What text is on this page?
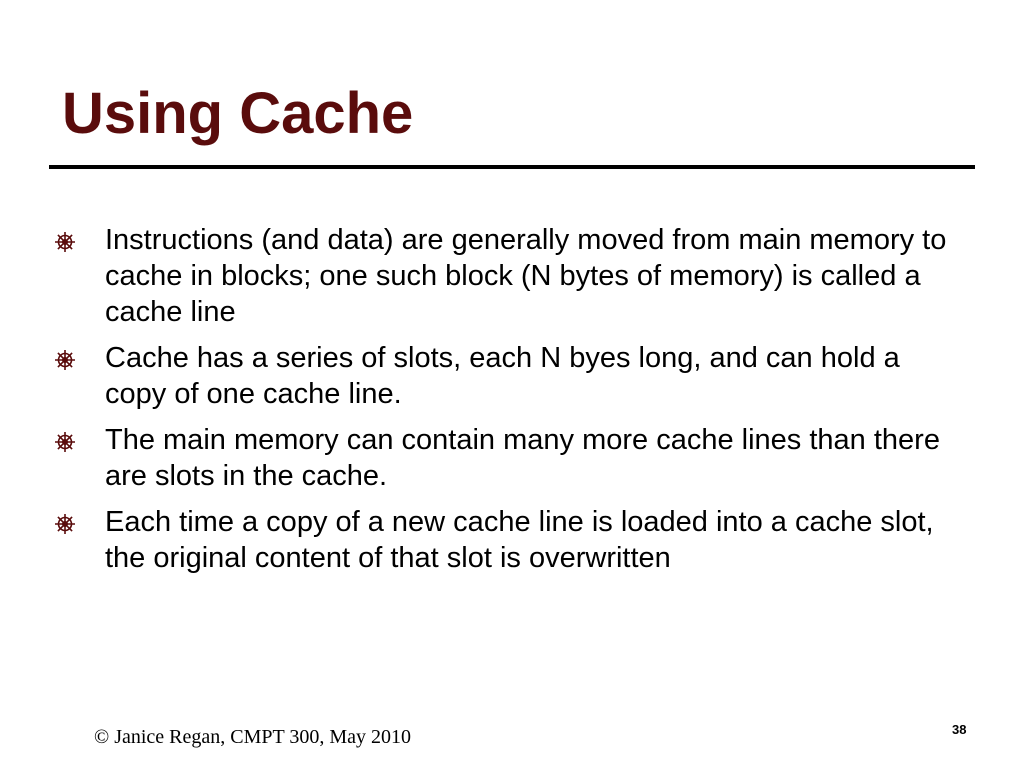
Using Cache
Instructions (and data) are generally moved from main memory to cache in blocks; one such block (N bytes of memory) is called a cache line
Cache has a series of slots, each N byes long, and can hold a copy of one cache line.
The main memory can contain many more cache lines than there are slots in the cache.
Each time a copy of a new cache line is loaded into a cache slot, the original content of that slot is overwritten
© Janice Regan, CMPT 300, May 2010	38
